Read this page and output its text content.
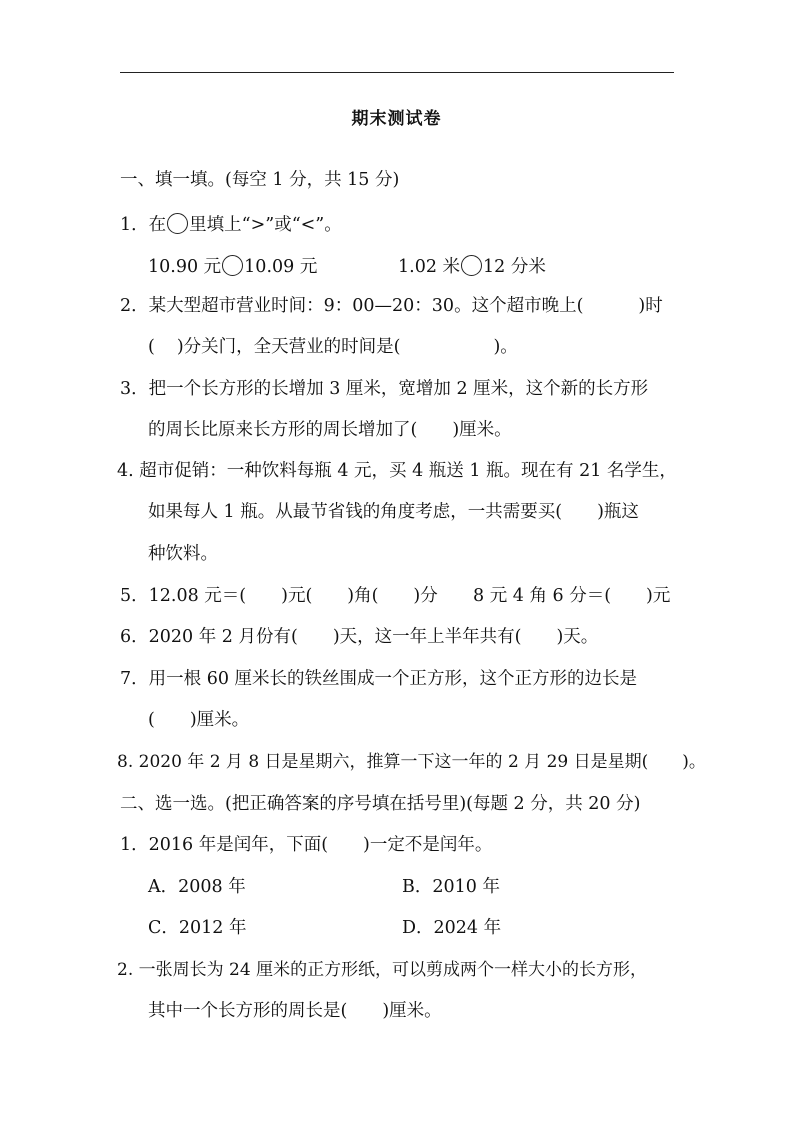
期末测试卷
一、填一填。(每空 1 分，共 15 分)
1．在 里填上“>”或“<”。
10.90 元 10.09 元	1.02 米 12 分米
2．某大型超市营业时间：9：00—20：30。这个超市晚上(	)时
( )分关门，全天营业的时间是(	)。
3．把一个长方形的长增加 3 厘米，宽增加 2 厘米，这个新的长方形
的周长比原来长方形的周长增加了(　　)厘米。
4. 超市促销：一种饮料每瓶 4 元，买 4 瓶送 1 瓶。现在有 21 名学生，
如果每人 1 瓶。从最节省钱的角度考虑，一共需要买(　　)瓶这
种饮料。
5．12.08 元＝(　　)元(　　)角(　　)分 8 元 4 角 6 分＝(　　)元
6．2020 年 2 月份有(　　)天，这一年上半年共有(　　)天。
7．用一根 60 厘米长的铁丝围成一个正方形，这个正方形的边长是
(　　)厘米。
8. 2020 年 2 月 8 日是星期六，推算一下这一年的 2 月 29 日是星期(　　)。
二、选一选。(把正确答案的序号填在括号里)(每题 2 分，共 20 分)
1．2016 年是闰年，下面(　　)一定不是闰年。
A．2008 年	B．2010 年
C．2012 年	D．2024 年
2. 一张周长为 24 厘米的正方形纸，可以剪成两个一样大小的长方形，
其中一个长方形的周长是(　　)厘米。
